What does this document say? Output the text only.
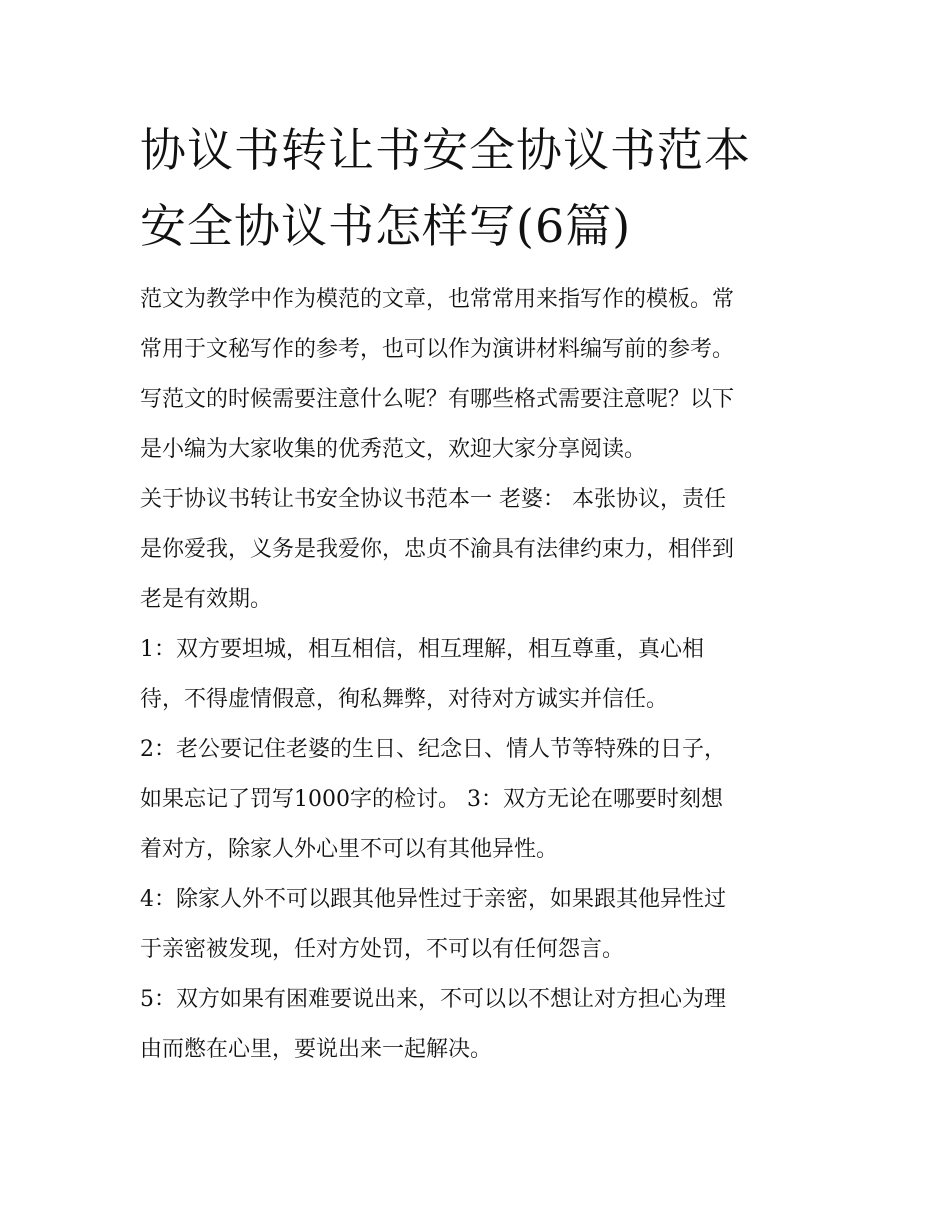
协议书转让书安全协议书范本
安全协议书怎样写(6篇)

范文为教学中作为模范的文章，也常常用来指写作的模板。常
常用于文秘写作的参考，也可以作为演讲材料编写前的参考。
写范文的时候需要注意什么呢？有哪些格式需要注意呢？以下
是小编为大家收集的优秀范文，欢迎大家分享阅读。

关于协议书转让书安全协议书范本一 老婆： 本张协议，责任
是你爱我，义务是我爱你，忠贞不渝具有法律约束力，相伴到
老是有效期。

1：双方要坦城，相互相信，相互理解，相互尊重，真心相
待，不得虚情假意，徇私舞弊，对待对方诚实并信任。

2：老公要记住老婆的生日、纪念日、情人节等特殊的日子，
如果忘记了罚写1000字的检讨。 3：双方无论在哪要时刻想
着对方，除家人外心里不可以有其他异性。

4：除家人外不可以跟其他异性过于亲密，如果跟其他异性过
于亲密被发现，任对方处罚，不可以有任何怨言。

5：双方如果有困难要说出来，不可以以不想让对方担心为理
由而憋在心里，要说出来一起解决。
